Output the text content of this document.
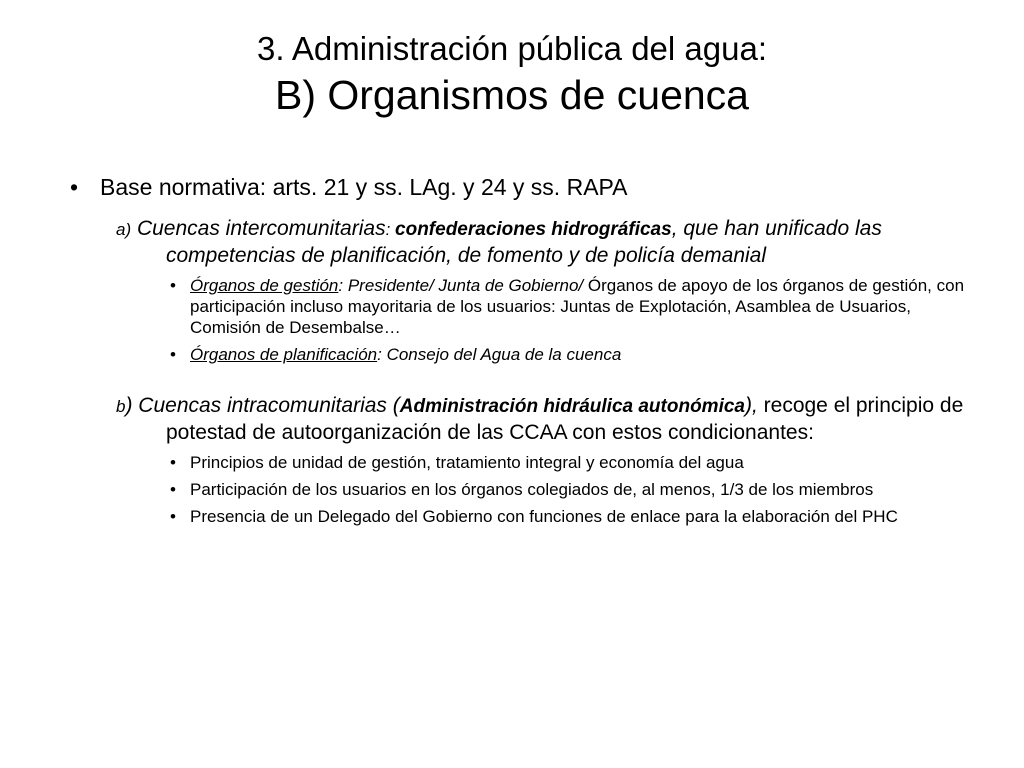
3. Administración pública del agua:
B) Organismos de cuenca
• Base normativa: arts. 21 y ss. LAg. y 24 y ss. RAPA
a) Cuencas intercomunitarias: confederaciones hidrográficas, que han unificado las competencias de planificación, de fomento y de policía demanial
• Órganos de gestión: Presidente/ Junta de Gobierno/ Órganos de apoyo de los órganos de gestión, con participación incluso mayoritaria de los usuarios: Juntas de Explotación, Asamblea de Usuarios, Comisión de Desembalse…
• Órganos de planificación: Consejo del Agua de la cuenca
b) Cuencas intracomunitarias (Administración hidráulica autonómica), recoge el principio de potestad de autoorganización de las CCAA con estos condicionantes:
• Principios de unidad de gestión, tratamiento integral y economía del agua
• Participación de los usuarios en los órganos colegiados de, al menos, 1/3 de los miembros
• Presencia de un Delegado del Gobierno con funciones de enlace para la elaboración del PHC
